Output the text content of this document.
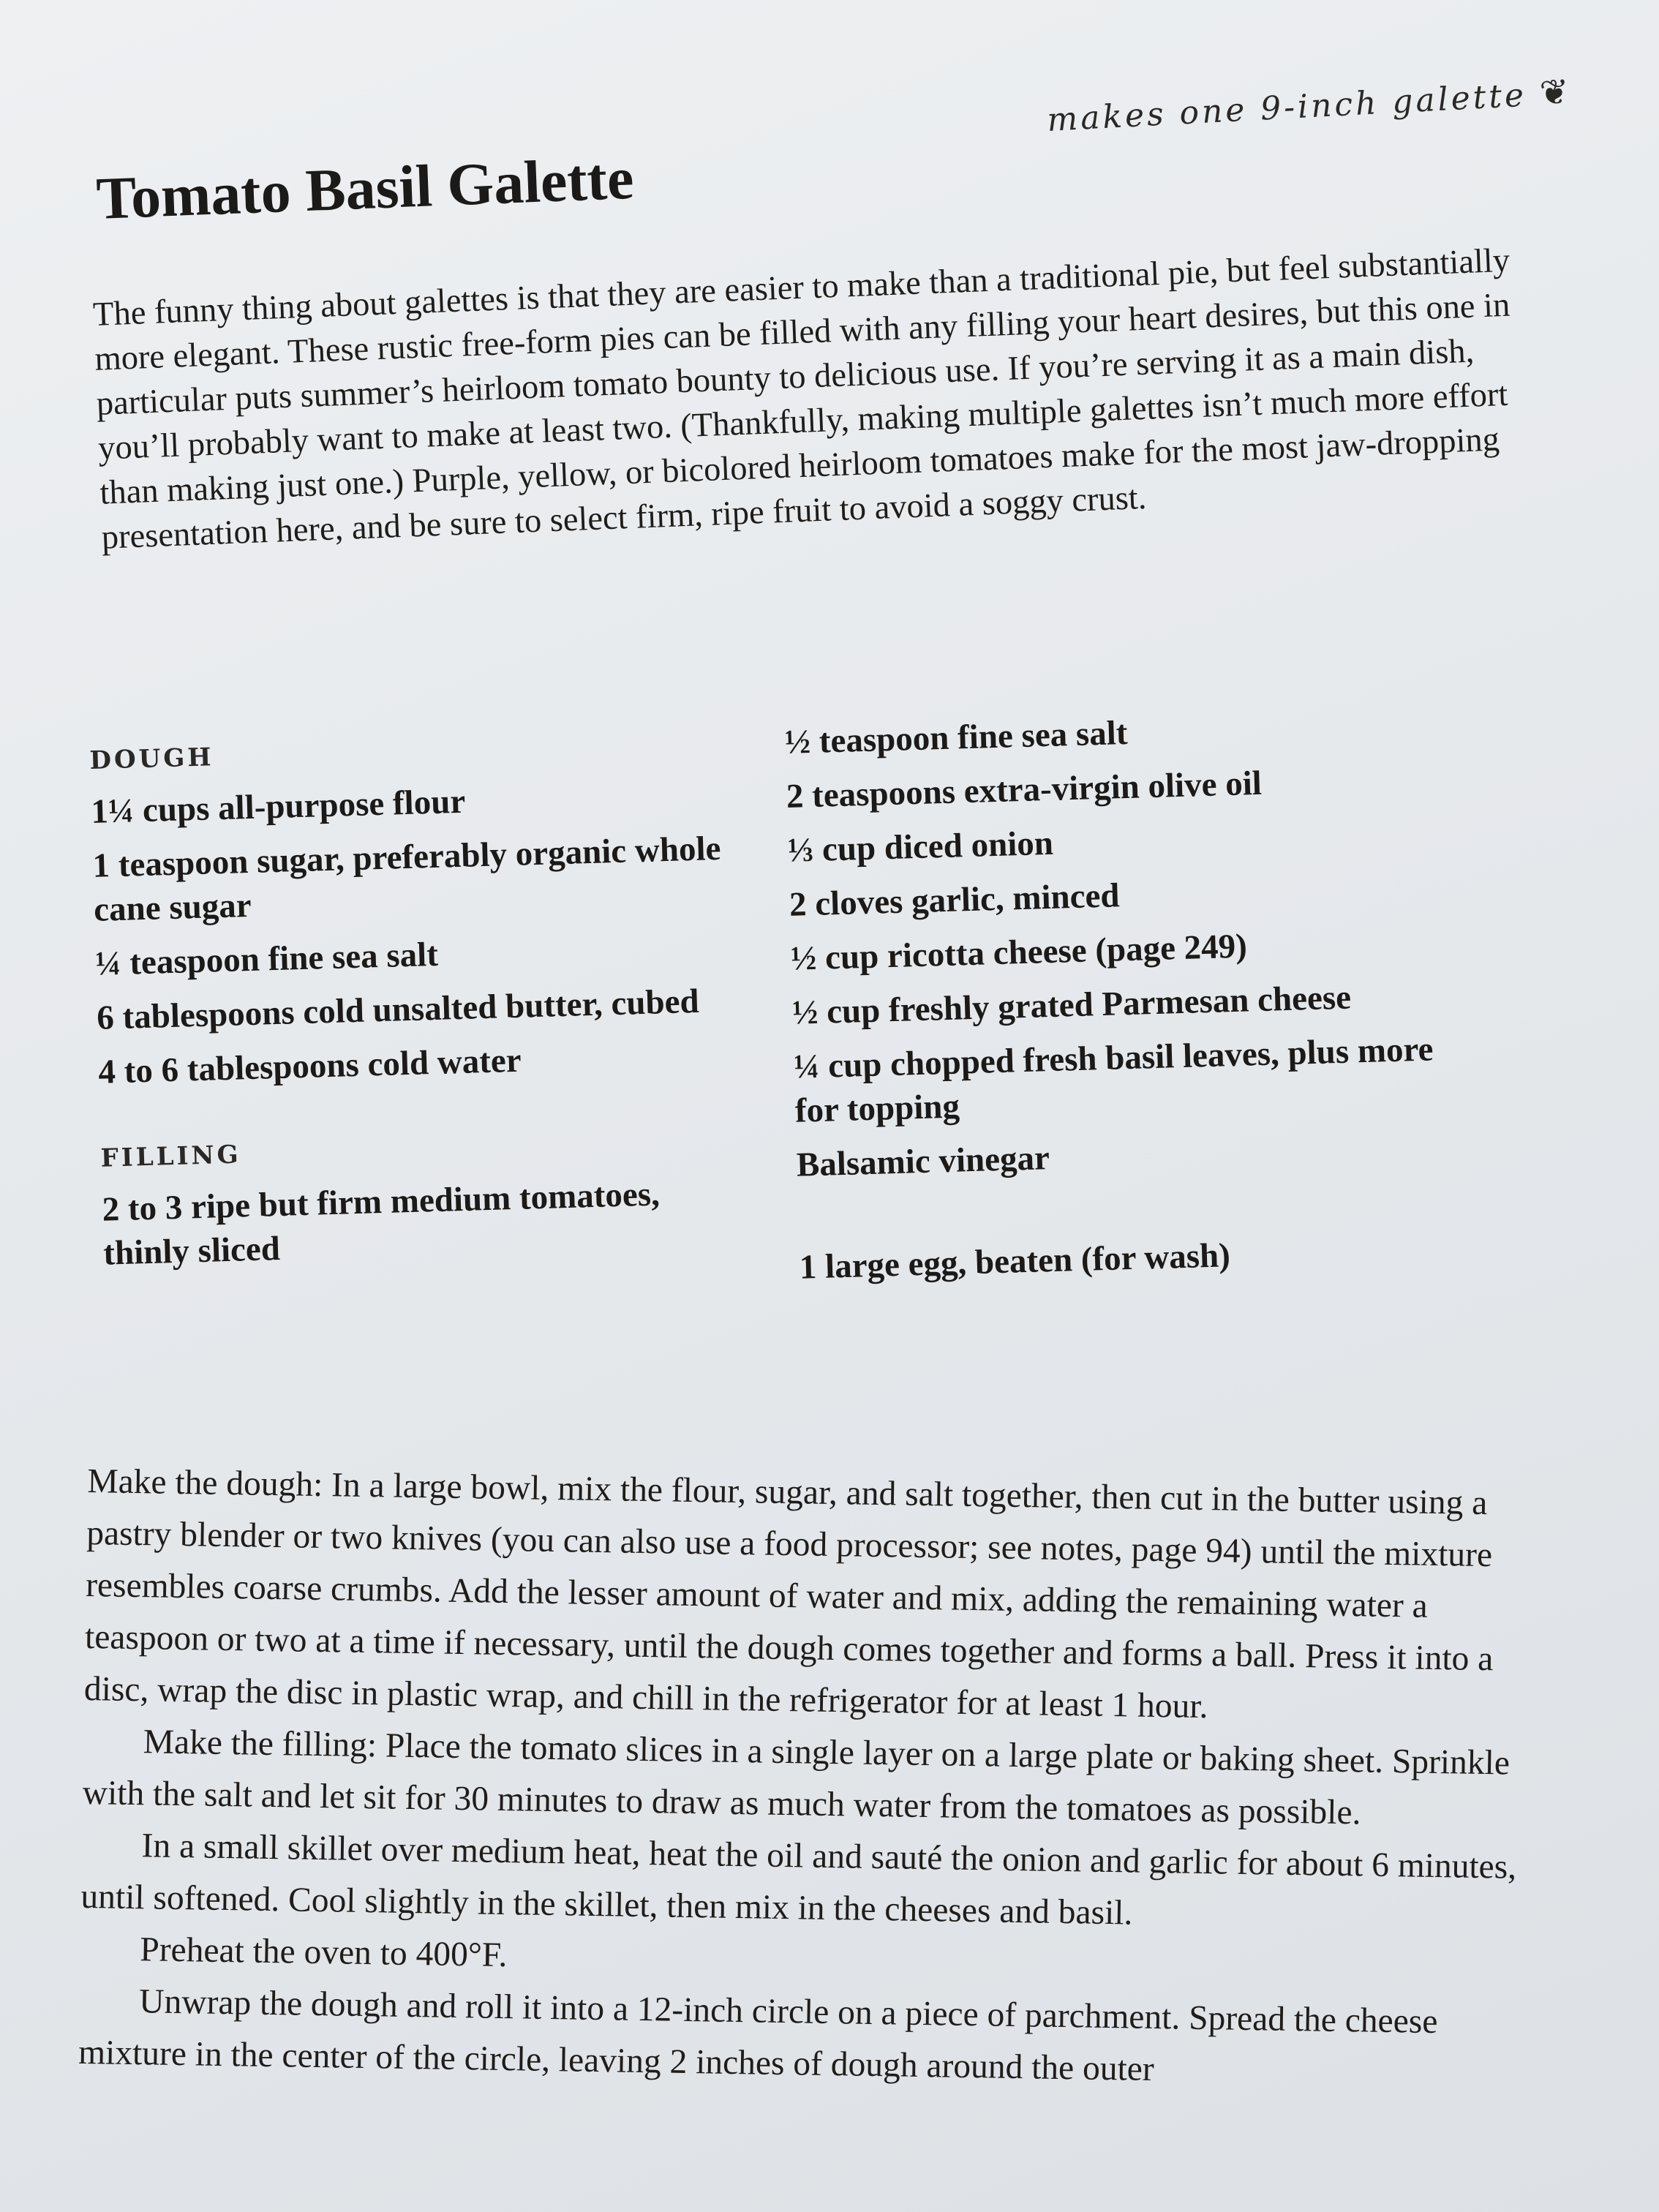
makes one 9-inch galette ❦
Tomato Basil Galette

The funny thing about galettes is that they are easier to make than a traditional pie, but feel substantially more elegant. These rustic free-form pies can be filled with any filling your heart desires, but this one in particular puts summer’s heirloom tomato bounty to delicious use. If you’re serving it as a main dish, you’ll probably want to make at least two. (Thankfully, making multiple galettes isn’t much more effort than making just one.) Purple, yellow, or bicolored heirloom tomatoes make for the most jaw-dropping presentation here, and be sure to select firm, ripe fruit to avoid a soggy crust.

DOUGH
1¼ cups all-purpose flour
1 teaspoon sugar, preferably organic whole cane sugar
¼ teaspoon fine sea salt
6 tablespoons cold unsalted butter, cubed
4 to 6 tablespoons cold water
FILLING
2 to 3 ripe but firm medium tomatoes, thinly sliced
½ teaspoon fine sea salt
2 teaspoons extra-virgin olive oil
⅓ cup diced onion
2 cloves garlic, minced
½ cup ricotta cheese (page 249)
½ cup freshly grated Parmesan cheese
¼ cup chopped fresh basil leaves, plus more for topping
Balsamic vinegar
1 large egg, beaten (for wash)

Make the dough: In a large bowl, mix the flour, sugar, and salt together, then cut in the butter using a pastry blender or two knives (you can also use a food processor; see notes, page 94) until the mixture resembles coarse crumbs. Add the lesser amount of water and mix, adding the remaining water a teaspoon or two at a time if necessary, until the dough comes together and forms a ball. Press it into a disc, wrap the disc in plastic wrap, and chill in the refrigerator for at least 1 hour.

Make the filling: Place the tomato slices in a single layer on a large plate or baking sheet. Sprinkle with the salt and let sit for 30 minutes to draw as much water from the tomatoes as possible.

In a small skillet over medium heat, heat the oil and sauté the onion and garlic for about 6 minutes, until softened. Cool slightly in the skillet, then mix in the cheeses and basil.

Preheat the oven to 400°F.

Unwrap the dough and roll it into a 12-inch circle on a piece of parchment. Spread the cheese mixture in the center of the circle, leaving 2 inches of dough around the outer
